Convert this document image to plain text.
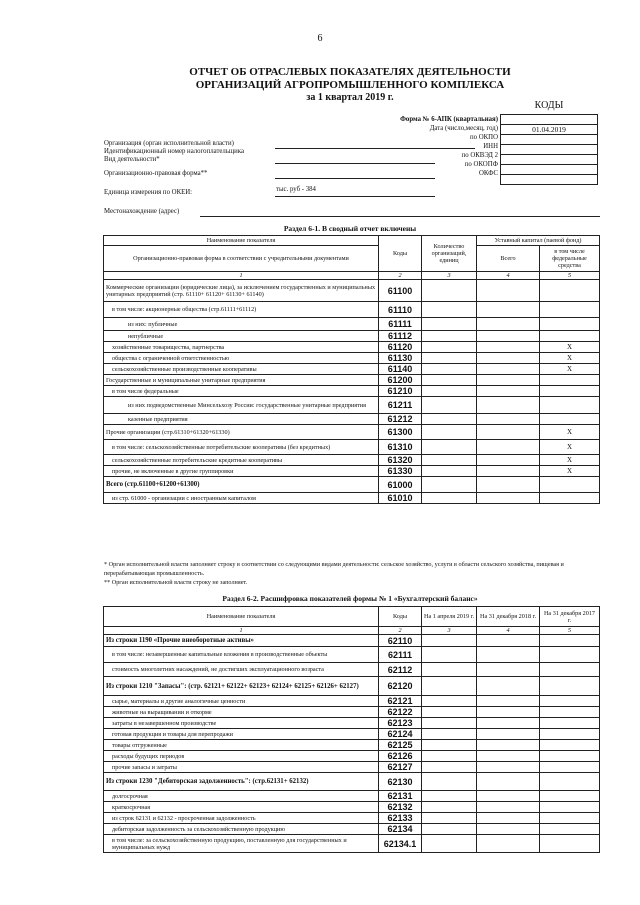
6
ОТЧЕТ ОБ ОТРАСЛЕВЫХ ПОКАЗАТЕЛЯХ ДЕЯТЕЛЬНОСТИ
ОРГАНИЗАЦИЙ АГРОПРОМЫШЛЕННОГО КОМПЛЕКСА
за 1 квартал 2019 г.
КОДЫ
Форма № 6-АПК (квартальная)
Дата (число,месяц, год)
по ОКПО
ИНН
по ОКВЭД 2
по ОКОПФ
ОКФС
01.04.2019
Организация (орган исполнительной власти)
Идентификационный номер налогоплательщика
Вид деятельности*
Организационно-правовая форма**
Единица измерения по ОКЕИ:	тыс. руб - 384
Местонахождение (адрес)
Раздел 6-1. В сводный отчет включены
Наименование показателя	Коды	Количество организаций, единиц	Уставный капитал (паевой фонд)	
Организационно-правовая форма в соответствии с учредительными документами			Всего	в том числе федеральные средства
1	2	3	4	5
Коммерческие организации (юридические лица), за исключением государственных и муниципальных унитарных предприятий (стр. 61110+ 61120+ 61130+ 61140)	61100			
в том числе: акционерные общества (стр.61111+61112)	61110			
из них: публичные	61111			
непубличные	61112			
хозяйственные товарищества, партнерства	61120			X
общества с ограниченной ответственностью	61130			X
сельскохозяйственные производственные кооперативы	61140			X
Государственные и муниципальные унитарные предприятия	61200			
в том числе федеральные	61210			
из них подведомственные Минсельхозу России: государственные унитарные предприятия	61211			
казенные предприятия	61212			
Прочие организации (стр.61310+61320+61330)	61300			X
в том числе: сельскохозяйственные потребительские кооперативы (без кредитных)	61310			X
сельскохозяйственные потребительские кредитные кооперативы	61320			X
прочие, не включенные в другие группировки	61330			X
Всего (стр.61100+61200+61300)	61000			
из стр. 61000 - организации с иностранным капиталом	61010			
* Орган исполнительной власти заполняет строку в соответствии со следующими видами деятельности: сельское хозяйство, услуги в области сельского хозяйства, пищевая и перерабатывающая промышленность.
** Орган исполнительной власти строку не заполняет.
Раздел 6-2. Расшифровка показателей формы № 1 «Бухгалтерский баланс»
Наименование показателя	Коды	На 1 апреля 2019 г.	На 31 декабря 2018 г.	На 31 декабря 2017 г.
1	2	3	4	5
Из строки 1190 «Прочие внеоборотные активы»	62110			
в том числе: незавершенные капитальные вложения в производственные объекты	62111			
стоимость многолетних насаждений, не достигших эксплуатационного возраста	62112			
Из строки 1210 "Запасы": (стр. 62121+ 62122+ 62123+ 62124+ 62125+ 62126+ 62127)	62120			
сырье, материалы и другие аналогичные ценности	62121			
животные на выращивании и откорме	62122			
затраты в незавершенном производстве	62123			
готовая продукция и товары для перепродажи	62124			
товары отгруженные	62125			
расходы будущих периодов	62126			
прочие запасы и затраты	62127			
Из строки 1230 "Дебиторская задолженность": (стр.62131+ 62132)	62130			
долгосрочная	62131			
краткосрочная	62132			
из строк 62131 и 62132 - просроченная задолженность	62133			
дебиторская задолженность за сельскохозяйственную продукцию	62134			
в том числе: за сельскохозяйственную продукцию, поставленную для государственных и муниципальных нужд	62134.1			
